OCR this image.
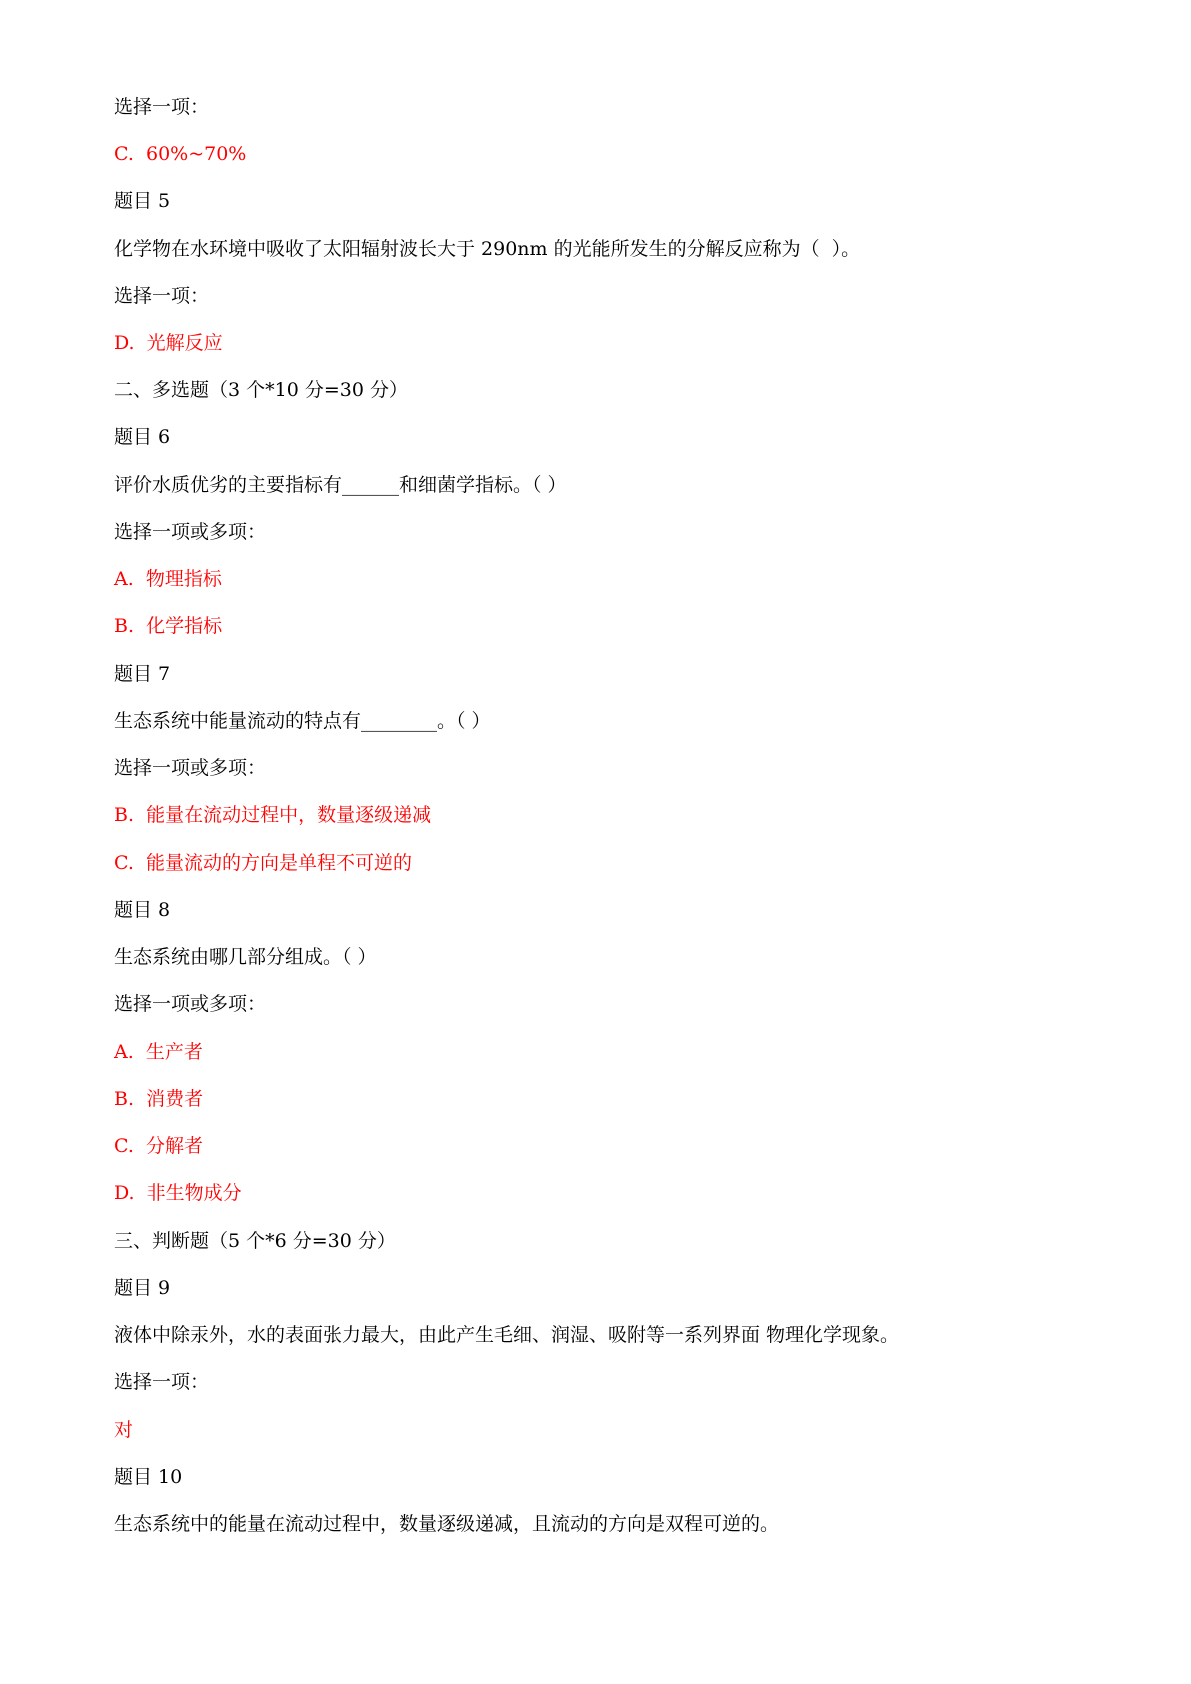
选择一项：
C.  60%~70%
题目 5
化学物在水环境中吸收了太阳辐射波长大于 290nm 的光能所发生的分解反应称为（  ）。
选择一项：
D.  光解反应
二、多选题（3 个*10 分=30 分）
题目 6
评价水质优劣的主要指标有______和细菌学指标。（ ）
选择一项或多项：
A.  物理指标
B.  化学指标
题目 7
生态系统中能量流动的特点有________。（ ）
选择一项或多项：
B.  能量在流动过程中，数量逐级递减
C.  能量流动的方向是单程不可逆的
题目 8
生态系统由哪几部分组成。（ ）
选择一项或多项：
A.  生产者
B.  消费者
C.  分解者
D.  非生物成分
三、判断题（5 个*6 分=30 分）
题目 9
液体中除汞外，水的表面张力最大，由此产生毛细、润湿、吸附等一系列界面 物理化学现象。
选择一项：
对
题目 10
生态系统中的能量在流动过程中，数量逐级递减，且流动的方向是双程可逆的。
